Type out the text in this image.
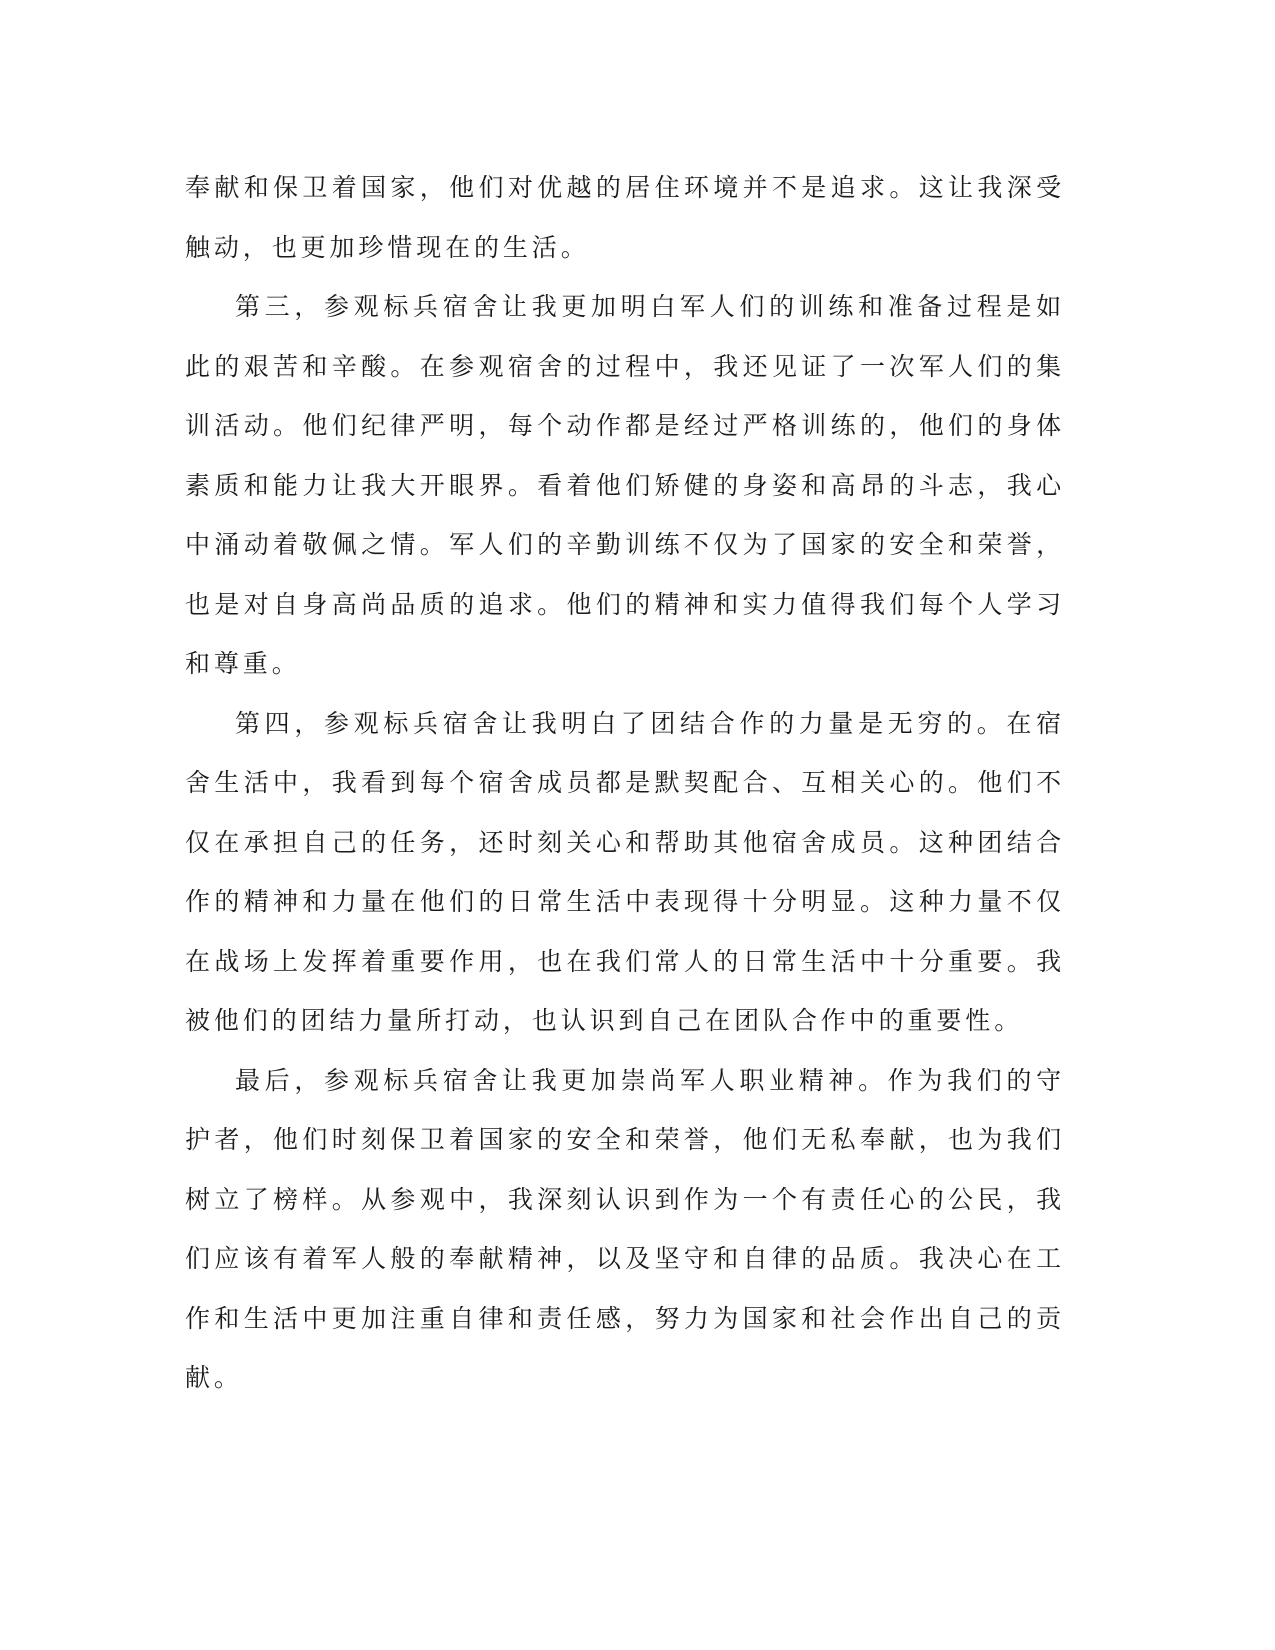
奉献和保卫着国家，他们对优越的居住环境并不是追求。这让我深受触动，也更加珍惜现在的生活。

第三，参观标兵宿舍让我更加明白军人们的训练和准备过程是如此的艰苦和辛酸。在参观宿舍的过程中，我还见证了一次军人们的集训活动。他们纪律严明，每个动作都是经过严格训练的，他们的身体素质和能力让我大开眼界。看着他们矫健的身姿和高昂的斗志，我心中涌动着敬佩之情。军人们的辛勤训练不仅为了国家的安全和荣誉，也是对自身高尚品质的追求。他们的精神和实力值得我们每个人学习和尊重。

第四，参观标兵宿舍让我明白了团结合作的力量是无穷的。在宿舍生活中，我看到每个宿舍成员都是默契配合、互相关心的。他们不仅在承担自己的任务，还时刻关心和帮助其他宿舍成员。这种团结合作的精神和力量在他们的日常生活中表现得十分明显。这种力量不仅在战场上发挥着重要作用，也在我们常人的日常生活中十分重要。我被他们的团结力量所打动，也认识到自己在团队合作中的重要性。

最后，参观标兵宿舍让我更加崇尚军人职业精神。作为我们的守护者，他们时刻保卫着国家的安全和荣誉，他们无私奉献，也为我们树立了榜样。从参观中，我深刻认识到作为一个有责任心的公民，我们应该有着军人般的奉献精神，以及坚守和自律的品质。我决心在工作和生活中更加注重自律和责任感，努力为国家和社会作出自己的贡献。
